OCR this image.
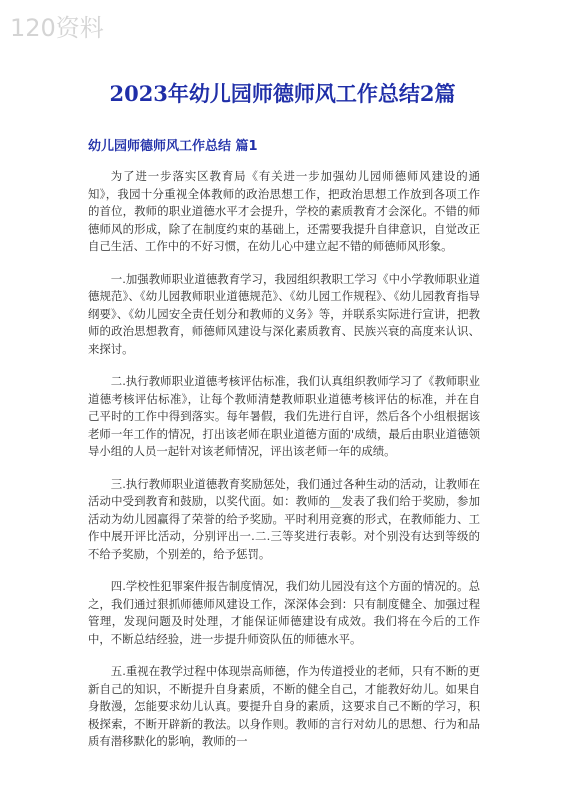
120资料
2023年幼儿园师德师风工作总结2篇
幼儿园师德师风工作总结 篇1

为了进一步落实区教育局《有关进一步加强幼儿园师德师风建设的通知》，我园十分重视全体教师的政治思想工作，把政治思想工作放到各项工作的首位，教师的职业道德水平才会提升，学校的素质教育才会深化。不错的师德师风的形成，除了在制度约束的基础上，还需要我提升自律意识，自觉改正自己生活、工作中的不好习惯，在幼儿心中建立起不错的师德师风形象。

一.加强教师职业道德教育学习，我园组织教职工学习《中小学教师职业道德规范》、《幼儿园教师职业道德规范》、《幼儿园工作规程》、《幼儿园教育指导纲要》、《幼儿园安全责任划分和教师的义务》等，并联系实际进行宣讲，把教师的政治思想教育，师德师风建设与深化素质教育、民族兴衰的高度来认识、来探讨。

二.执行教师职业道德考核评估标准，我们认真组织教师学习了《教师职业道德考核评估标准》，让每个教师清楚教师职业道德考核评估的标准，并在自己平时的工作中得到落实。每年暑假，我们先进行自评，然后各个小组根据该老师一年工作的情况，打出该老师在职业道德方面的'成绩，最后由职业道德领导小组的人员一起针对该老师情况，评出该老师一年的成绩。

三.执行教师职业道德教育奖励惩处，我们通过各种生动的活动，让教师在活动中受到教育和鼓励，以奖代面。如：教师的__发表了我们给于奖励，参加活动为幼儿园赢得了荣誉的给予奖励。平时利用竞赛的形式，在教师能力、工作中展开评比活动，分别评出一.二.三等奖进行表彰。对个别没有达到等级的不给予奖励，个别差的，给予惩罚。

四.学校性犯罪案件报告制度情况，我们幼儿园没有这个方面的情况的。总之，我们通过狠抓师德师风建设工作，深深体会到：只有制度健全、加强过程管理，发现问题及时处理，才能保证师德建设有成效。我们将在今后的工作中，不断总结经验，进一步提升师资队伍的师德水平。

五.重视在教学过程中体现崇高师德，作为传道授业的老师，只有不断的更新自己的知识，不断提升自身素质，不断的健全自己，才能教好幼儿。如果自身散漫，怎能要求幼儿认真。要提升自身的素质，这要求自己不断的学习，积极探索，不断开辟新的教法。以身作则。教师的言行对幼儿的思想、行为和品质有潜移默化的影响，教师的一
